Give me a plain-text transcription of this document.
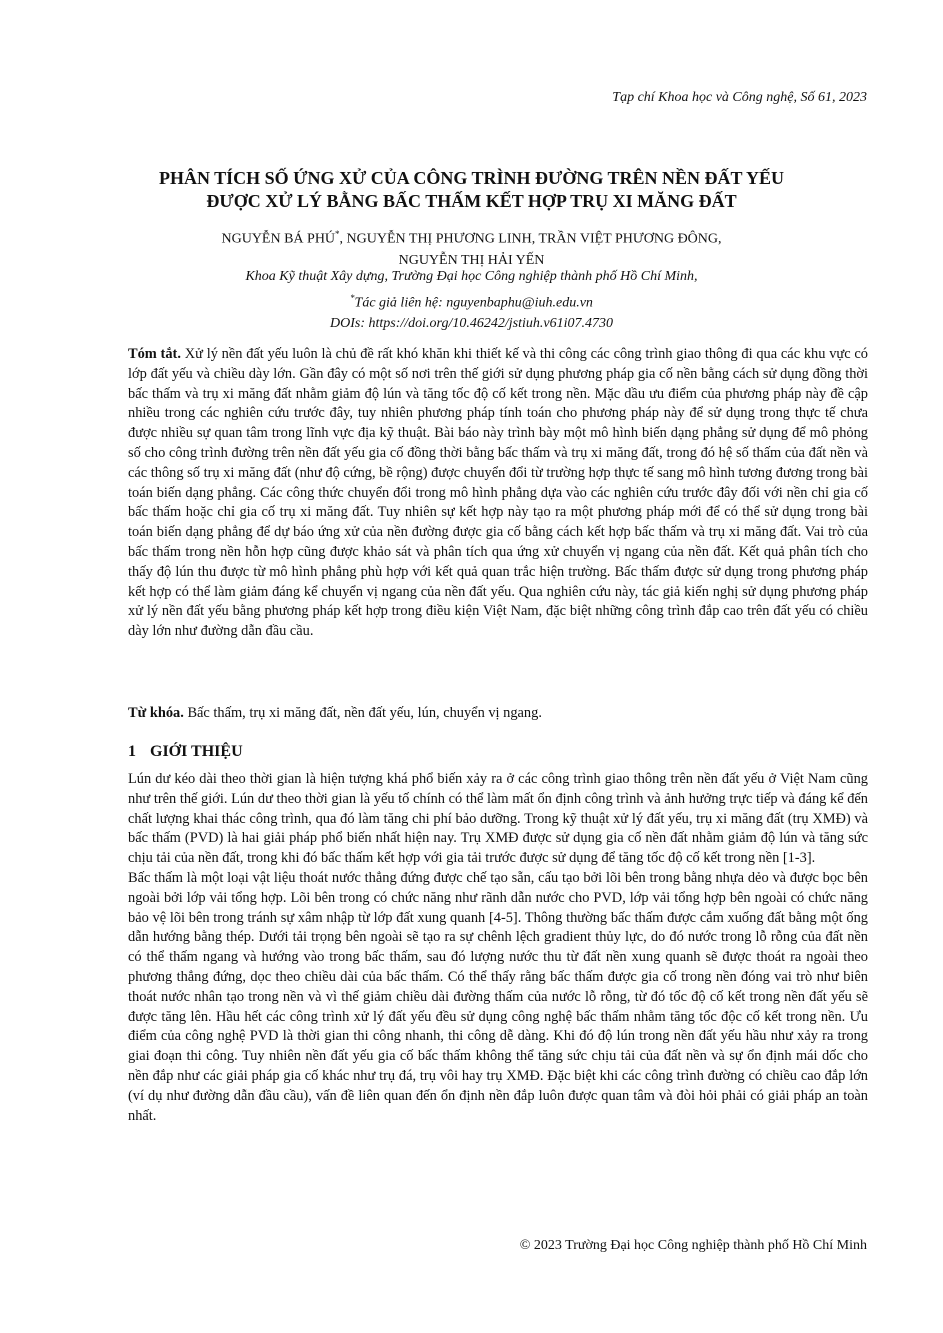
Tạp chí Khoa học và Công nghệ, Số 61, 2023
PHÂN TÍCH SỐ ỨNG XỬ CỦA CÔNG TRÌNH ĐƯỜNG TRÊN NỀN ĐẤT YẾU
ĐƯỢC XỬ LÝ BẰNG BẤC THẤM KẾT HỢP TRỤ XI MĂNG ĐẤT
NGUYỄN BÁ PHÚ*, NGUYỄN THỊ PHƯƠNG LINH, TRẦN VIỆT PHƯƠNG ĐÔNG,
NGUYỄN THỊ HẢI YẾN
Khoa Kỹ thuật Xây dựng, Trường Đại học Công nghiệp thành phố Hồ Chí Minh,
*Tác giả liên hệ: nguyenbaphu@iuh.edu.vn
DOIs: https://doi.org/10.46242/jstiuh.v61i07.4730

Tóm tắt. Xử lý nền đất yếu luôn là chủ đề rất khó khăn khi thiết kế và thi công các công trình giao thông đi qua các khu vực có lớp đất yếu và chiều dày lớn. Gần đây có một số nơi trên thế giới sử dụng phương pháp gia cố nền bằng cách sử dụng đồng thời bấc thấm và trụ xi măng đất nhằm giảm độ lún và tăng tốc độ cố kết trong nền. Mặc dầu ưu điểm của phương pháp này đề cập nhiều trong các nghiên cứu trước đây, tuy nhiên phương pháp tính toán cho phương pháp này để sử dụng trong thực tế chưa được nhiều sự quan tâm trong lĩnh vực địa kỹ thuật. Bài báo này trình bày một mô hình biến dạng phẳng sử dụng để mô phỏng số cho công trình đường trên nền đất yếu gia cố đồng thời bằng bấc thấm và trụ xi măng đất, trong đó hệ số thấm của đất nền và các thông số trụ xi măng đất (như độ cứng, bề rộng) được chuyển đổi từ trường hợp thực tế sang mô hình tương đương trong bài toán biến dạng phẳng. Các công thức chuyển đổi trong mô hình phẳng dựa vào các nghiên cứu trước đây đối với nền chỉ gia cố bấc thấm hoặc chỉ gia cố trụ xi măng đất. Tuy nhiên sự kết hợp này tạo ra một phương pháp mới để có thể sử dụng trong bài toán biến dạng phẳng để dự báo ứng xử của nền đường được gia cố bằng cách kết hợp bấc thấm và trụ xi măng đất. Vai trò của bấc thấm trong nền hỗn hợp cũng được khảo sát và phân tích qua ứng xử chuyển vị ngang của nền đất. Kết quả phân tích cho thấy độ lún thu được từ mô hình phẳng phù hợp với kết quả quan trắc hiện trường. Bấc thấm được sử dụng trong phương pháp kết hợp có thể làm giảm đáng kể chuyển vị ngang của nền đất yếu. Qua nghiên cứu này, tác giả kiến nghị sử dụng phương pháp xử lý nền đất yếu bằng phương pháp kết hợp trong điều kiện Việt Nam, đặc biệt những công trình đắp cao trên đất yếu có chiều dày lớn như đường dẫn đầu cầu.

Từ khóa. Bấc thấm, trụ xi măng đất, nền đất yếu, lún, chuyển vị ngang.

1 GIỚI THIỆU

Lún dư kéo dài theo thời gian là hiện tượng khá phổ biến xảy ra ở các công trình giao thông trên nền đất yếu ở Việt Nam cũng như trên thế giới. Lún dư theo thời gian là yếu tố chính có thể làm mất ổn định công trình và ảnh hưởng trực tiếp và đáng kể đến chất lượng khai thác công trình, qua đó làm tăng chi phí bảo dưỡng. Trong kỹ thuật xử lý đất yếu, trụ xi măng đất (trụ XMĐ) và bấc thấm (PVD) là hai giải pháp phổ biến nhất hiện nay. Trụ XMĐ được sử dụng gia cố nền đất nhằm giảm độ lún và tăng sức chịu tải của nền đất, trong khi đó bấc thấm kết hợp với gia tải trước được sử dụng để tăng tốc độ cố kết trong nền [1-3].

Bấc thấm là một loại vật liệu thoát nước thẳng đứng được chế tạo sẵn, cấu tạo bởi lõi bên trong bằng nhựa dẻo và được bọc bên ngoài bởi lớp vải tổng hợp. Lõi bên trong có chức năng như rãnh dẫn nước cho PVD, lớp vải tổng hợp bên ngoài có chức năng bảo vệ lõi bên trong tránh sự xâm nhập từ lớp đất xung quanh [4-5]. Thông thường bấc thấm được cắm xuống đất bằng một ống dẫn hướng bằng thép. Dưới tải trọng bên ngoài sẽ tạo ra sự chênh lệch gradient thủy lực, do đó nước trong lỗ rỗng của đất nền có thể thấm ngang và hướng vào trong bấc thấm, sau đó lượng nước thu từ đất nền xung quanh sẽ được thoát ra ngoài theo phương thẳng đứng, dọc theo chiều dài của bấc thấm. Có thể thấy rằng bấc thấm được gia cố trong nền đóng vai trò như biên thoát nước nhân tạo trong nền và vì thế giảm chiều dài đường thấm của nước lỗ rỗng, từ đó tốc độ cố kết trong nền đất yếu sẽ được tăng lên. Hầu hết các công trình xử lý đất yếu đều sử dụng công nghệ bấc thấm nhằm tăng tốc độc cố kết trong nền. Ưu điểm của công nghệ PVD là thời gian thi công nhanh, thi công dễ dàng. Khi đó độ lún trong nền đất yếu hầu như xảy ra trong giai đoạn thi công. Tuy nhiên nền đất yếu gia cố bấc thấm không thể tăng sức chịu tải của đất nền và sự ổn định mái dốc cho nền đắp như các giải pháp gia cố khác như trụ đá, trụ vôi hay trụ XMĐ. Đặc biệt khi các công trình đường có chiều cao đắp lớn (ví dụ như đường dẫn đầu cầu), vấn đề liên quan đến ổn định nền đắp luôn được quan tâm và đòi hỏi phải có giải pháp an toàn nhất.

© 2023 Trường Đại học Công nghiệp thành phố Hồ Chí Minh
